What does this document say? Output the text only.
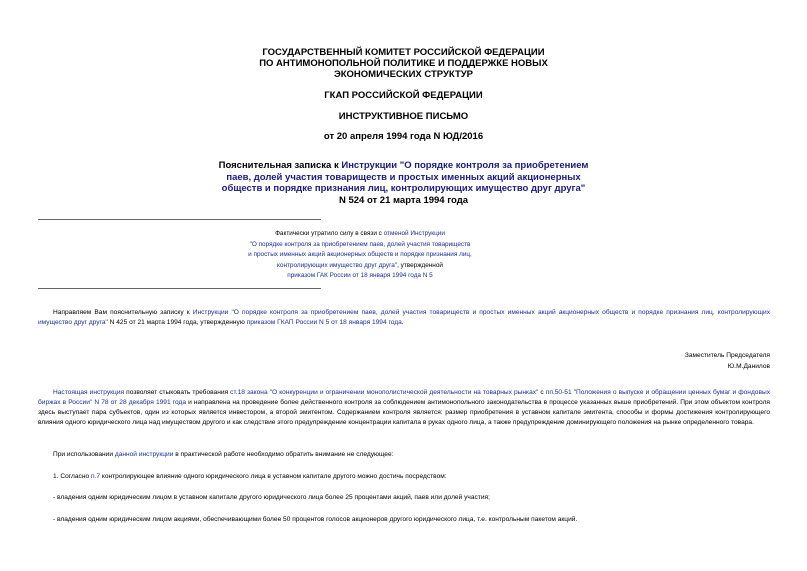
ГОСУДАРСТВЕННЫЙ КОМИТЕТ РОССИЙСКОЙ ФЕДЕРАЦИИ
ПО АНТИМОНОПОЛЬНОЙ ПОЛИТИКЕ И ПОДДЕРЖКЕ НОВЫХ
ЭКОНОМИЧЕСКИХ СТРУКТУР
ГКАП РОССИЙСКОЙ ФЕДЕРАЦИИ
ИНСТРУКТИВНОЕ ПИСЬМО
от 20 апреля 1994 года N ЮД/2016
Пояснительная записка к Инструкции "О порядке контроля за приобретением
паев, долей участия товариществ и простых именных акций акционерных
обществ и порядке признания лиц, контролирующих имущество друг друга"
N 524 от 21 марта 1994 года
Фактически утратило силу в связи с отменой Инструкции
"О порядке контроля за приобретением паев, долей участия товариществ
и простых именных акций акционерных обществ и порядке признания лиц,
контролирующих имущество друг друга", утвержденной
приказом ГАК России от 18 января 1994 года N 5
Направляем Вам пояснительную записку к Инструкции "О порядке контроля за приобретением паев, долей участия товариществ и простых именных акций акционерных обществ и порядке признания лиц, контролирующих имущество друг друга" N 425 от 21 марта 1994 года, утвержденную приказом ГКАП России N 5 от 18 января 1994 года.
Заместитель Председателя
Ю.М.Данилов
Настоящая инструкция позволяет стыковать требования ст.18 закона "О конкуренции и ограничении монополистической деятельности на товарных рынках" с пп.50-51 "Положения о выпуске и обращении ценных бумаг и фондовых биржах в России" N 78 от 28 декабря 1991 года и направлена на проведение более действенного контроля за соблюдением антимонопольного законодательства в процессе указанных выше приобретений. При этом объектом контроля здесь выступает пара субъектов, один из которых является инвестором, а второй эмитентом. Содержанием контроля является: размер приобретения в уставном капитале эмитента, способы и формы достижения контролирующего влияния одного юридического лица над имуществом другого и как следствие этого предупреждение концентрации капитала в руках одного лица, а также предупреждение доминирующего положения на рынке определенного товара.
При использовании данной инструкции в практической работе необходимо обратить внимание не следующее:
1. Согласно п.7 контролирующее влияние одного юридического лица в уставном капитале другого можно достичь посредством:
- владения одним юридическим лицом в уставном капитале другого юридического лица более 25 процентами акций, паев или долей участия;
- владения одним юридическим лицом акциями, обеспечивающими более 50 процентов голосов акционеров другого юридического лица, т.е. контрольным пакетом акций.
